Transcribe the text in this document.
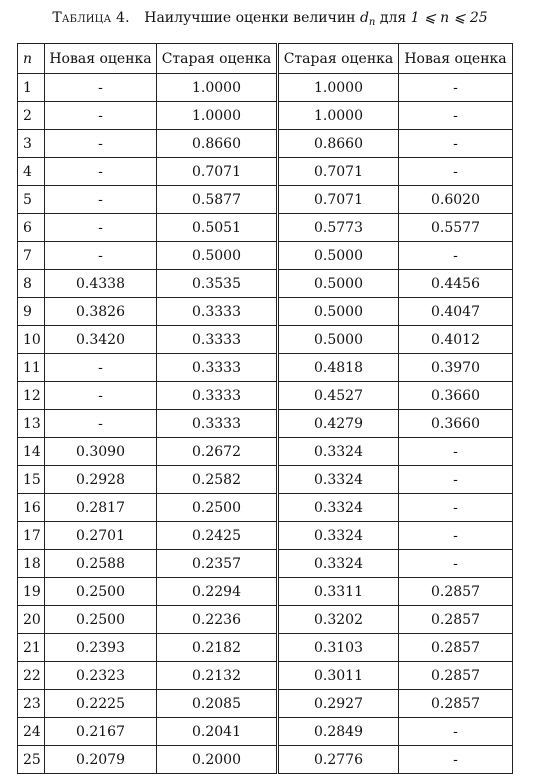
Таблица 4. Наилучшие оценки величин $d_n$ для 1 ⩽ n ⩽ 25
n	Новая оценка	Старая оценка	Старая оценка	Новая оценка
1	-	1.0000	1.0000	-
2	-	1.0000	1.0000	-
3	-	0.8660	0.8660	-
4	-	0.7071	0.7071	-
5	-	0.5877	0.7071	0.6020
6	-	0.5051	0.5773	0.5577
7	-	0.5000	0.5000	-
8	0.4338	0.3535	0.5000	0.4456
9	0.3826	0.3333	0.5000	0.4047
10	0.3420	0.3333	0.5000	0.4012
11	-	0.3333	0.4818	0.3970
12	-	0.3333	0.4527	0.3660
13	-	0.3333	0.4279	0.3660
14	0.3090	0.2672	0.3324	-
15	0.2928	0.2582	0.3324	-
16	0.2817	0.2500	0.3324	-
17	0.2701	0.2425	0.3324	-
18	0.2588	0.2357	0.3324	-
19	0.2500	0.2294	0.3311	0.2857
20	0.2500	0.2236	0.3202	0.2857
21	0.2393	0.2182	0.3103	0.2857
22	0.2323	0.2132	0.3011	0.2857
23	0.2225	0.2085	0.2927	0.2857
24	0.2167	0.2041	0.2849	-
25	0.2079	0.2000	0.2776	-
